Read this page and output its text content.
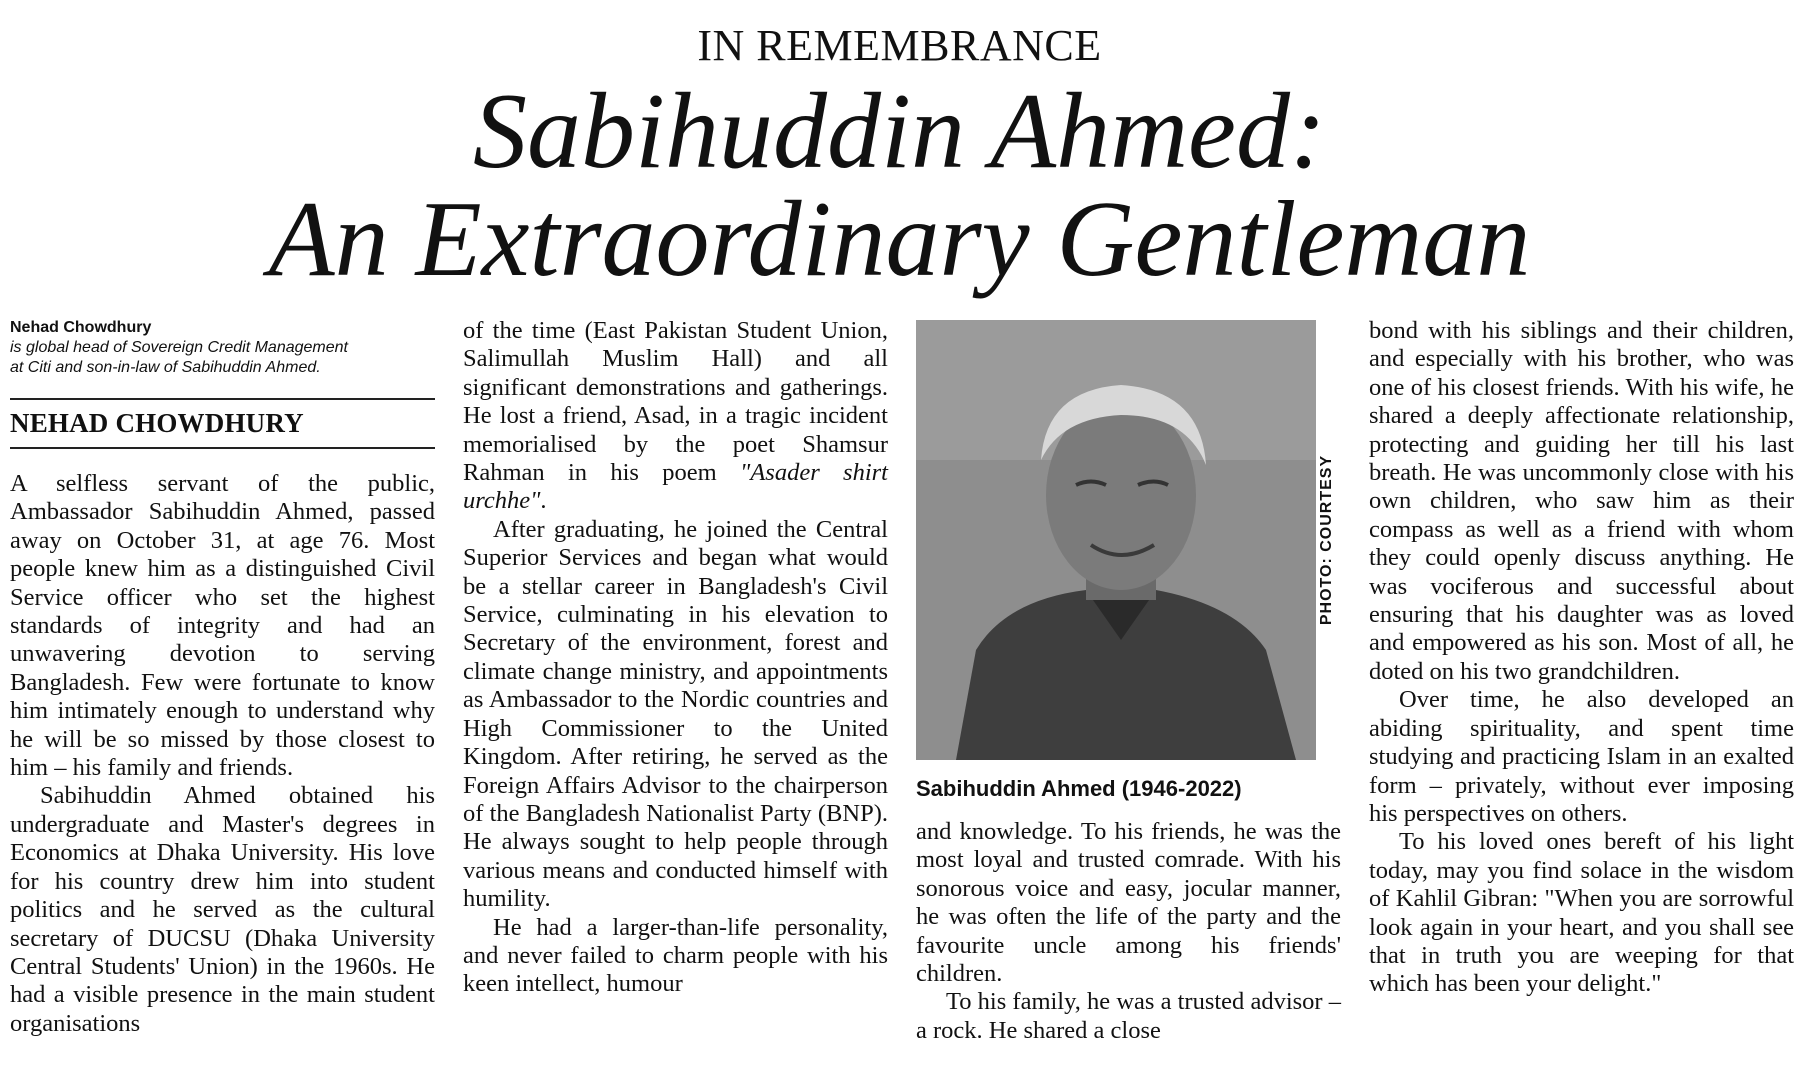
IN REMEMBRANCE
Sabihuddin Ahmed:
An Extraordinary Gentleman
Nehad Chowdhury
is global head of Sovereign Credit Management
at Citi and son-in-law of Sabihuddin Ahmed.
NEHAD CHOWDHURY

A selfless servant of the public, Ambassador Sabihuddin Ahmed, passed away on October 31, at age 76. Most people knew him as a distinguished Civil Service officer who set the highest standards of integrity and had an unwavering devotion to serving Bangladesh. Few were fortunate to know him intimately enough to understand why he will be so missed by those closest to him – his family and friends.

Sabihuddin Ahmed obtained his undergraduate and Master's degrees in Economics at Dhaka University. His love for his country drew him into student politics and he served as the cultural secretary of DUCSU (Dhaka University Central Students' Union) in the 1960s. He had a visible presence in the main student organisations

of the time (East Pakistan Student Union, Salimullah Muslim Hall) and all significant demonstrations and gatherings. He lost a friend, Asad, in a tragic incident memorialised by the poet Shamsur Rahman in his poem "Asader shirt urchhe".

After graduating, he joined the Central Superior Services and began what would be a stellar career in Bangladesh's Civil Service, culminating in his elevation to Secretary of the environment, forest and climate change ministry, and appointments as Ambassador to the Nordic countries and High Commissioner to the United Kingdom. After retiring, he served as the Foreign Affairs Advisor to the chairperson of the Bangladesh Nationalist Party (BNP). He always sought to help people through various means and conducted himself with humility.

He had a larger-than-life personality, and never failed to charm people with his keen intellect, humour

PHOTO: COURTESY
Sabihuddin Ahmed (1946-2022)

and knowledge. To his friends, he was the most loyal and trusted comrade. With his sonorous voice and easy, jocular manner, he was often the life of the party and the favourite uncle among his friends' children.

To his family, he was a trusted advisor – a rock. He shared a close

bond with his siblings and their children, and especially with his brother, who was one of his closest friends. With his wife, he shared a deeply affectionate relationship, protecting and guiding her till his last breath. He was uncommonly close with his own children, who saw him as their compass as well as a friend with whom they could openly discuss anything. He was vociferous and successful about ensuring that his daughter was as loved and empowered as his son. Most of all, he doted on his two grandchildren.

Over time, he also developed an abiding spirituality, and spent time studying and practicing Islam in an exalted form – privately, without ever imposing his perspectives on others.

To his loved ones bereft of his light today, may you find solace in the wisdom of Kahlil Gibran: "When you are sorrowful look again in your heart, and you shall see that in truth you are weeping for that which has been your delight."
